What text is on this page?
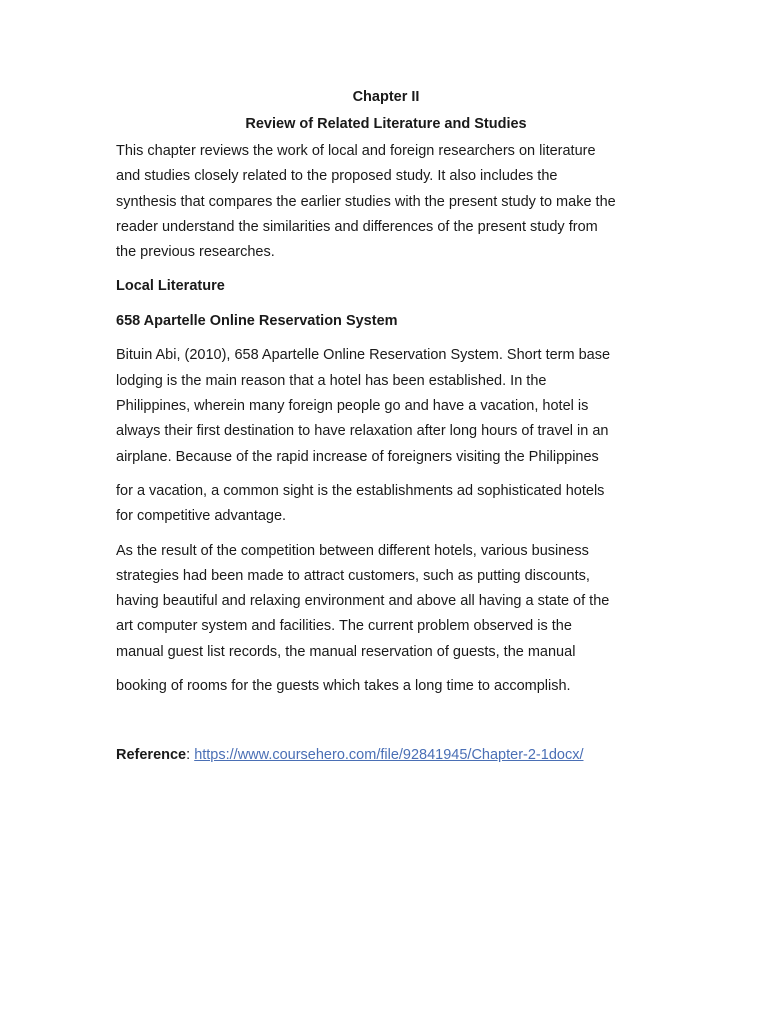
Chapter II

Review of Related Literature and Studies

This chapter reviews the work of local and foreign researchers on literature
and studies closely related to the proposed study. It also includes the
synthesis that compares the earlier studies with the present study to make the
reader understand the similarities and differences of the present study from
the previous researches.

Local Literature

658 Apartelle Online Reservation System

Bituin Abi, (2010), 658 Apartelle Online Reservation System. Short term base
lodging is the main reason that a hotel has been established. In the
Philippines, wherein many foreign people go and have a vacation, hotel is
always their first destination to have relaxation after long hours of travel in an
airplane. Because of the rapid increase of foreigners visiting the Philippines
for a vacation, a common sight is the establishments ad sophisticated hotels
for competitive advantage.
As the result of the competition between different hotels, various business
strategies had been made to attract customers, such as putting discounts,
having beautiful and relaxing environment and above all having a state of the
art computer system and facilities. The current problem observed is the
manual guest list records, the manual reservation of guests, the manual
booking of rooms for the guests which takes a long time to accomplish.

Reference: https://www.coursehero.com/file/92841945/Chapter-2-1docx/
